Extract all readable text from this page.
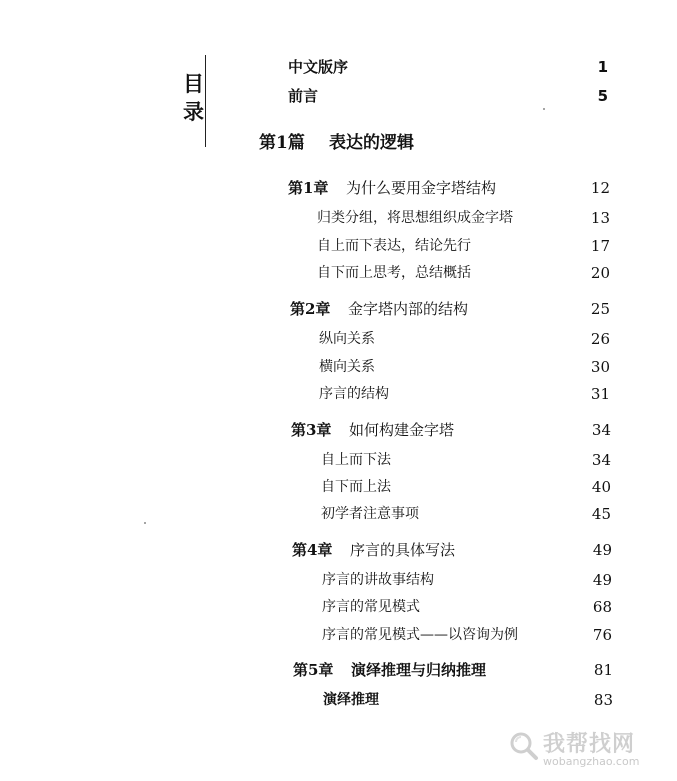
目
录
中文版序	1
前言	5
第1篇 表达的逻辑
第1章 为什么要用金字塔结构	12
归类分组，将思想组织成金字塔	13
自上而下表达，结论先行	17
自下而上思考，总结概括	20
第2章 金字塔内部的结构	25
纵向关系	26
横向关系	30
序言的结构	31
第3章 如何构建金字塔	34
自上而下法	34
自下而上法	40
初学者注意事项	45
第4章 序言的具体写法	49
序言的讲故事结构	49
序言的常见模式	68
序言的常见模式——以咨询为例	76
第5章 演绎推理与归纳推理	81
演绎推理	83
我帮找网
wobangzhao.com
